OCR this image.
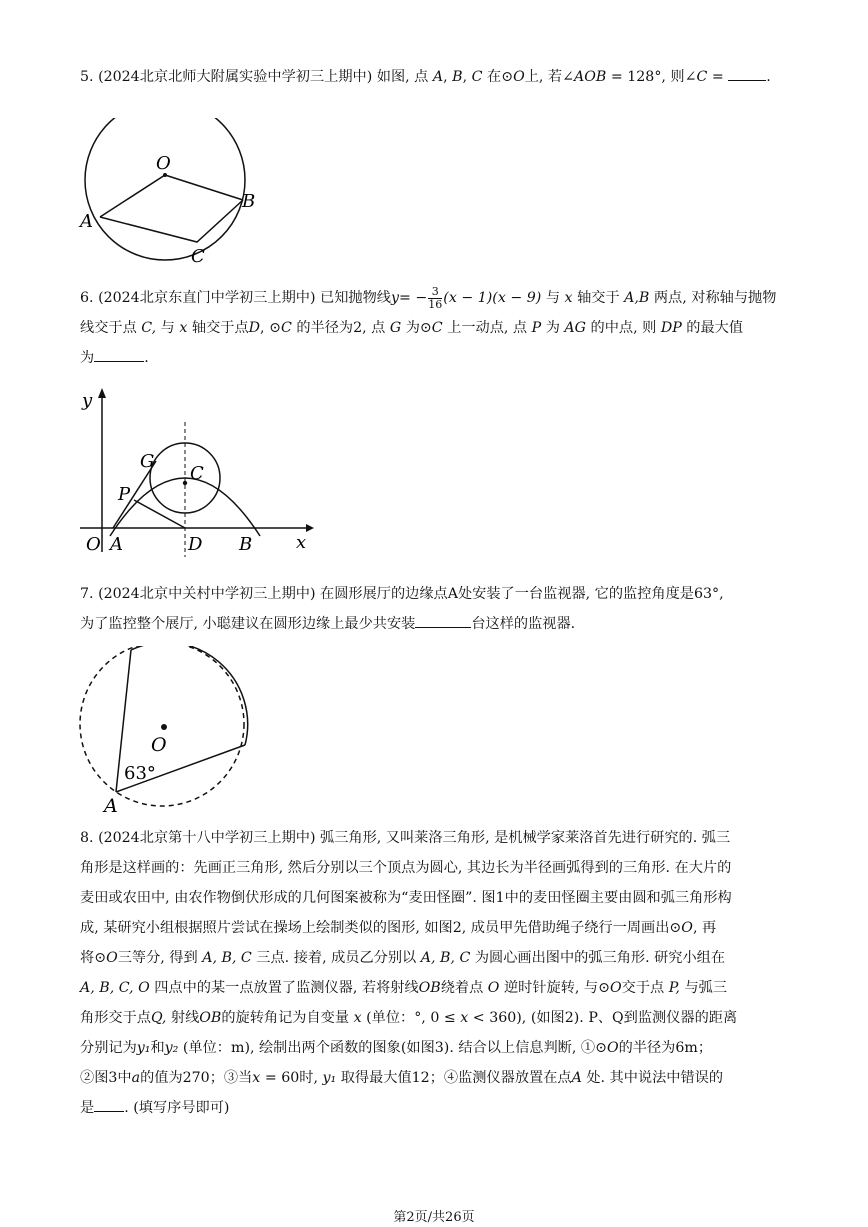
5. (2024北京北师大附属实验中学初三上期中) 如图, 点 A, B, C 在⊙O上, 若∠AOB = 128°, 则∠C =	.
O
A
B
C
6. (2024北京东直门中学初三上期中) 已知抛物线$y= - \frac{3}{16} (x - 1)(x - 9)$ 与 x 轴交于 A,B 两点, 对称轴与抛物
线交于点 C, 与 x 轴交于点D, ⊙C 的半径为2, 点 G 为⊙C 上一动点, 点 P 为 AG 的中点, 则 DP 的最大值
为	.
y
x
O A	D B
G
P
C
7. (2024北京中关村中学初三上期中) 在圆形展厅的边缘点A处安装了一台监视器, 它的监控角度是63°,
为了监控整个展厅, 小聪建议在圆形边缘上最少共安装	台这样的监视器.
O
A
63°
8. (2024北京第十八中学初三上期中) 弧三角形, 又叫莱洛三角形, 是机械学家莱洛首先进行研究的. 弧三
角形是这样画的：先画正三角形, 然后分别以三个顶点为圆心, 其边长为半径画弧得到的三角形. 在大片的
麦田或农田中, 由农作物倒伏形成的几何图案被称为“麦田怪圈”. 图1中的麦田怪圈主要由圆和弧三角形构
成, 某研究小组根据照片尝试在操场上绘制类似的图形, 如图2, 成员甲先借助绳子绕行一周画出⊙O, 再
将⊙O三等分, 得到 A, B, C 三点. 接着, 成员乙分别以 A, B, C 为圆心画出图中的弧三角形. 研究小组在
A, B, C, O 四点中的某一点放置了监测仪器, 若将射线OB绕着点 O 逆时针旋转, 与⊙O交于点 P, 与弧三
角形交于点Q, 射线OB的旋转角记为自变量 x (单位：°, 0 ≤ x < 360), (如图2). P、Q到监测仪器的距离
分别记为y₁和y₂ (单位：m), 绘制出两个函数的图象(如图3). 结合以上信息判断, ①⊙O的半径为6m；
②图3中a的值为270；③当x = 60时, y₁ 取得最大值12；④监测仪器放置在点A 处. 其中说法中错误的
是 . (填写序号即可)
第2页/共26页
